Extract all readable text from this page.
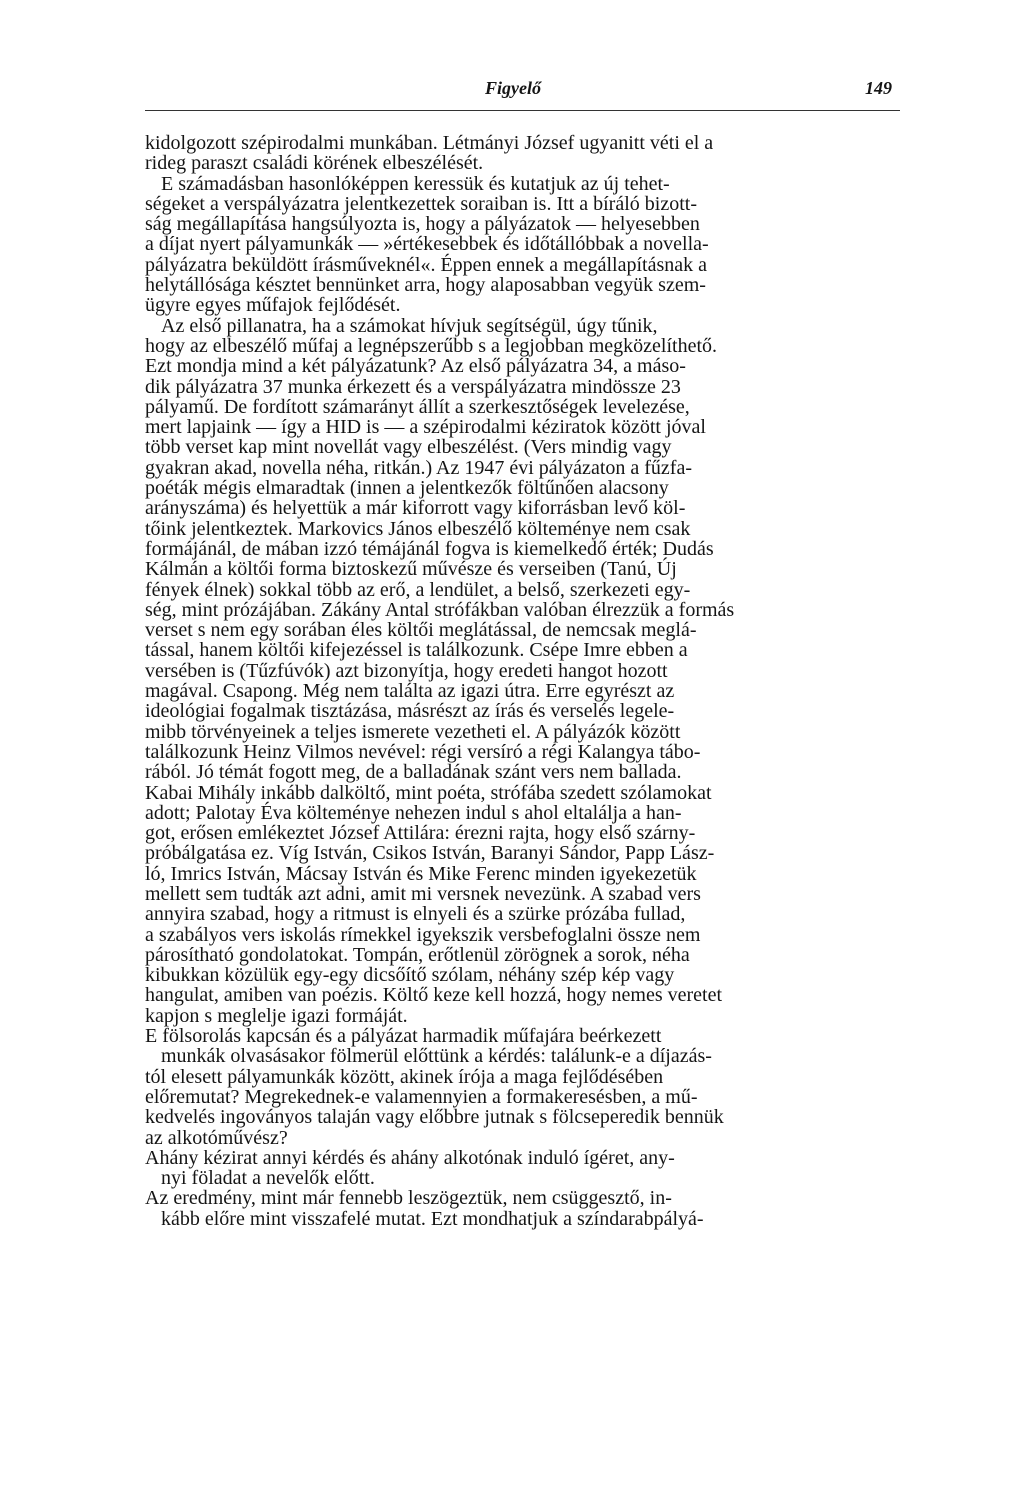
Figyelő	149

kidolgozott szépirodalmi munkában. Létmányi József ugyanitt véti el a
rideg paraszt családi körének elbeszélését.

E számadásban hasonlóképpen keressük és kutatjuk az új tehet-
ségeket a verspályázatra jelentkezettek soraiban is. Itt a bíráló bizott-
ság megállapítása hangsúlyozta is, hogy a pályázatok — helyesebben
a díjat nyert pályamunkák — »értékesebbek és időtállóbbak a novella-
pályázatra beküldött írásműveknél«. Éppen ennek a megállapításnak a
helytállósága késztet bennünket arra, hogy alaposabban vegyük szem-
ügyre egyes műfajok fejlődését.

Az első pillanatra, ha a számokat hívjuk segítségül, úgy tűnik,
hogy az elbeszélő műfaj a legnépszerűbb s a legjobban megközelíthető.
Ezt mondja mind a két pályázatunk? Az első pályázatra 34, a máso-
dik pályázatra 37 munka érkezett és a verspályázatra mindössze 23
pályamű. De fordított számarányt állít a szerkesztőségek levelezése,
mert lapjaink — így a HID is — a szépirodalmi kéziratok között jóval
több verset kap mint novellát vagy elbeszélést. (Vers mindig vagy
gyakran akad, novella néha, ritkán.) Az 1947 évi pályázaton a fűzfa-
poéták mégis elmaradtak (innen a jelentkezők föltűnően alacsony
arányszáma) és helyettük a már kiforrott vagy kiforrásban levő köl-
tőink jelentkeztek. Markovics János elbeszélő költeménye nem csak
formájánál, de mában izzó témájánál fogva is kiemelkedő érték; Dudás
Kálmán a költői forma biztoskezű művésze és verseiben (Tanú, Új
fények élnek) sokkal több az erő, a lendület, a belső, szerkezeti egy-
ség, mint prózájában. Zákány Antal strófákban valóban élrezzük a formás
verset s nem egy sorában éles költői meglátással, de nemcsak meglá-
tással, hanem költői kifejezéssel is találkozunk. Csépe Imre ebben a
versében is (Tűzfúvók) azt bizonyítja, hogy eredeti hangot hozott
magával. Csapong. Még nem találta az igazi útra. Erre egyrészt az
ideológiai fogalmak tisztázása, másrészt az írás és verselés legele-
mibb törvényeinek a teljes ismerete vezetheti el. A pályázók között
találkozunk Heinz Vilmos nevével: régi versíró a régi Kalangya tábo-
rából. Jó témát fogott meg, de a balladának szánt vers nem ballada.
Kabai Mihály inkább dalköltő, mint poéta, strófába szedett szólamokat
adott; Palotay Éva költeménye nehezen indul s ahol eltalálja a han-
got, erősen emlékeztet József Attilára: érezni rajta, hogy első szárny-
próbálgatása ez. Víg István, Csikos István, Baranyi Sándor, Papp Lász-
ló, Imrics István, Mácsay István és Mike Ferenc minden igyekezetük
mellett sem tudták azt adni, amit mi versnek nevezünk. A szabad vers
annyira szabad, hogy a ritmust is elnyeli és a szürke prózába fullad,
a szabályos vers iskolás rímekkel igyekszik versbefoglalni össze nem
párosítható gondolatokat. Tompán, erőtlenül zörögnek a sorok, néha
kibukkan közülük egy-egy dicsőítő szólam, néhány szép kép vagy
hangulat, amiben van poézis. Költő keze kell hozzá, hogy nemes veretet
kapjon s meglelje igazi formáját.
E fölsorolás kapcsán és a pályázat harmadik műfajára beérkezett

munkák olvasásakor fölmerül előttünk a kérdés: találunk-e a díjazás-
tól elesett pályamunkák között, akinek írója a maga fejlődésében
előremutat? Megrekednek-e valamennyien a formakeresésben, a mű-
kedvelés ingoványos talaján vagy előbbre jutnak s fölcseperedik bennük
az alkotóművész?
Ahány kézirat annyi kérdés és ahány alkotónak induló ígéret, any-

nyi föladat a nevelők előtt.
Az eredmény, mint már fennebb leszögeztük, nem csüggesztő, in-

kább előre mint visszafelé mutat. Ezt mondhatjuk a színdarabpályá-
